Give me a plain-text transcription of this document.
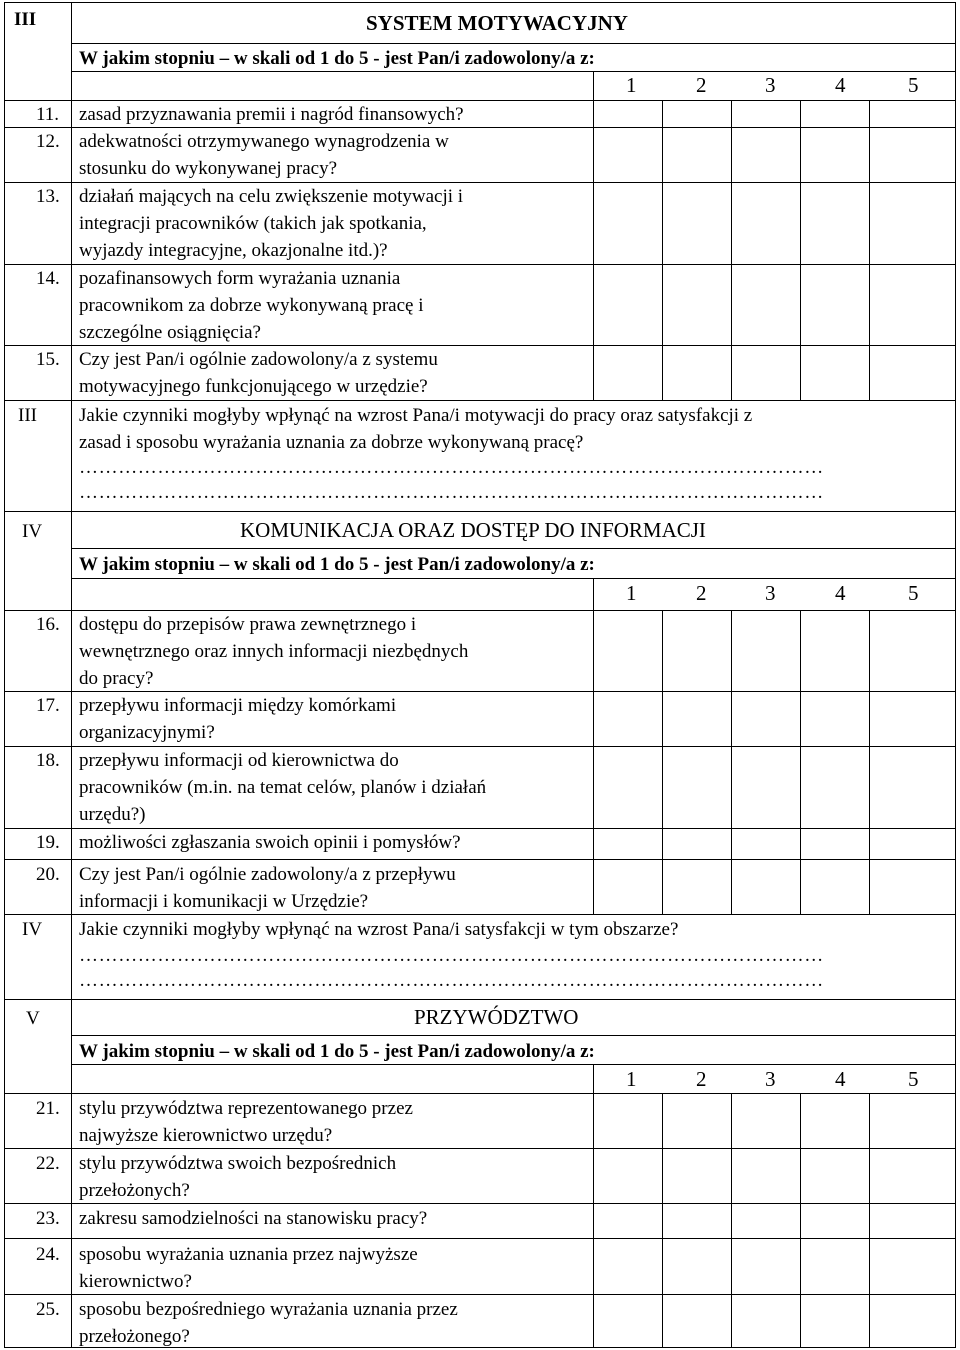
III	SYSTEM MOTYWACYJNY
W jakim stopniu – w skali od 1 do 5 - jest Pan/i zadowolony/a z:
1	2	3	4	5
11. zasad przyznawania premii i nagród finansowych?
12. adekwatności otrzymywanego wynagrodzenia w
stosunku do wykonywanej pracy?
13. działań mających na celu zwiększenie motywacji i
integracji pracowników (takich jak spotkania,
wyjazdy integracyjne, okazjonalne itd.)?
14. pozafinansowych form wyrażania uznania
pracownikom za dobrze wykonywaną pracę i
szczególne osiągnięcia?
15. Czy jest Pan/i ogólnie zadowolony/a z systemu
motywacyjnego funkcjonującego w urzędzie?
III Jakie czynniki mogłyby wpłynąć na wzrost Pana/i motywacji do pracy oraz satysfakcji z
zasad i sposobu wyrażania uznania za dobrze wykonywaną pracę?
……………………………………………………………………………………………………
……………………………………………………………………………………………………
IV	KOMUNIKACJA ORAZ DOSTĘP DO INFORMACJI
W jakim stopniu – w skali od 1 do 5 - jest Pan/i zadowolony/a z:
1	2	3	4	5
16. dostępu do przepisów prawa zewnętrznego i
wewnętrznego oraz innych informacji niezbędnych
do pracy?
17. przepływu informacji między komórkami
organizacyjnymi?
18. przepływu informacji od kierownictwa do
pracowników (m.in. na temat celów, planów i działań
urzędu?)
19. możliwości zgłaszania swoich opinii i pomysłów?
20. Czy jest Pan/i ogólnie zadowolony/a z przepływu
informacji i komunikacji w Urzędzie?
IV Jakie czynniki mogłyby wpłynąć na wzrost Pana/i satysfakcji w tym obszarze?
……………………………………………………………………………………………………
……………………………………………………………………………………………………
V	PRZYWÓDZTWO
W jakim stopniu – w skali od 1 do 5 - jest Pan/i zadowolony/a z:
1	2	3	4	5
21. stylu przywództwa reprezentowanego przez
najwyższe kierownictwo urzędu?
22. stylu przywództwa swoich bezpośrednich
przełożonych?
23. zakresu samodzielności na stanowisku pracy?
24. sposobu wyrażania uznania przez najwyższe
kierownictwo?
25. sposobu bezpośredniego wyrażania uznania przez
przełożonego?
